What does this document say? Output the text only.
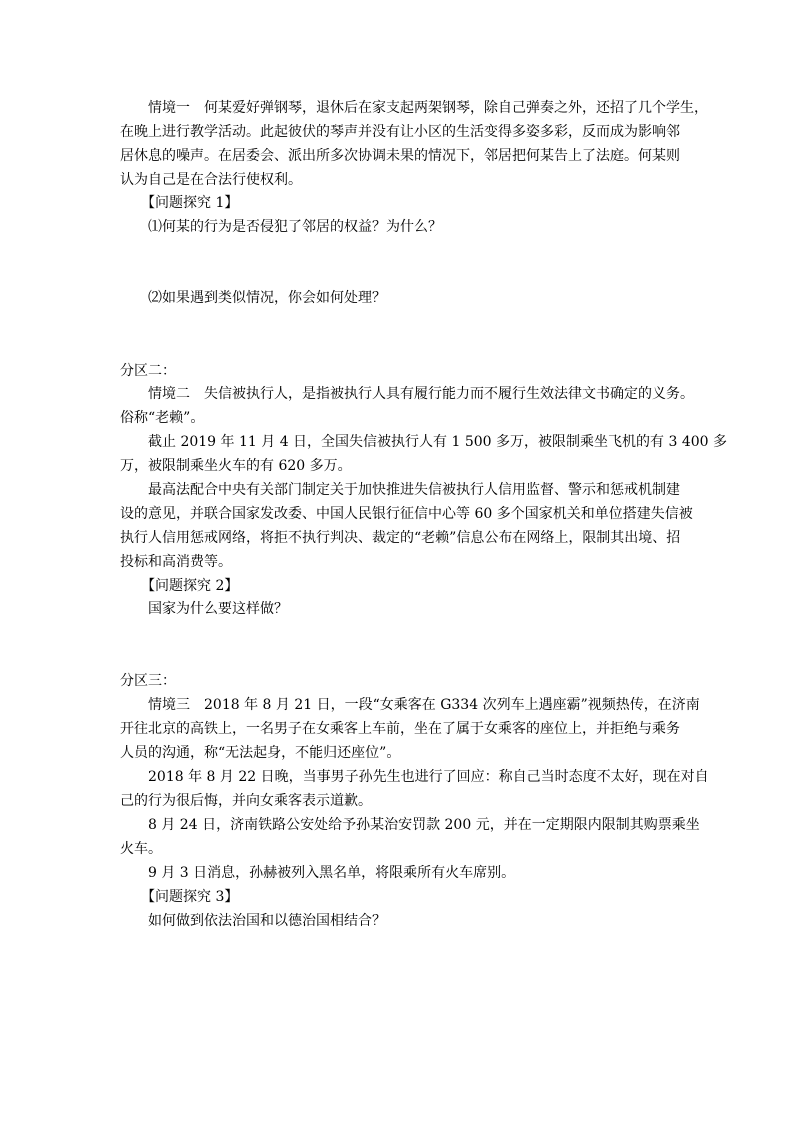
情境一　何某爱好弹钢琴，退休后在家支起两架钢琴，除自己弹奏之外，还招了几个学生，
在晚上进行教学活动。此起彼伏的琴声并没有让小区的生活变得多姿多彩，反而成为影响邻
居休息的噪声。在居委会、派出所多次协调未果的情况下，邻居把何某告上了法庭。何某则
认为自己是在合法行使权利。
【问题探究 1】
⑴何某的行为是否侵犯了邻居的权益？为什么？
⑵如果遇到类似情况，你会如何处理？
分区二：
情境二　失信被执行人，是指被执行人具有履行能力而不履行生效法律文书确定的义务。
俗称“老赖”。
截止 2019 年 11 月 4 日，全国失信被执行人有 1 500 多万，被限制乘坐飞机的有 3 400 多
万，被限制乘坐火车的有 620 多万。
最高法配合中央有关部门制定关于加快推进失信被执行人信用监督、警示和惩戒机制建
设的意见，并联合国家发改委、中国人民银行征信中心等 60 多个国家机关和单位搭建失信被
执行人信用惩戒网络，将拒不执行判决、裁定的“老赖”信息公布在网络上，限制其出境、招
投标和高消费等。
【问题探究 2】
国家为什么要这样做？
分区三：
情境三　2018 年 8 月 21 日，一段“女乘客在 G334 次列车上遇座霸”视频热传，在济南
开往北京的高铁上，一名男子在女乘客上车前，坐在了属于女乘客的座位上，并拒绝与乘务
人员的沟通，称“无法起身，不能归还座位”。
2018 年 8 月 22 日晚，当事男子孙先生也进行了回应：称自己当时态度不太好，现在对自
己的行为很后悔，并向女乘客表示道歉。
8 月 24 日，济南铁路公安处给予孙某治安罚款 200 元，并在一定期限内限制其购票乘坐
火车。
9 月 3 日消息，孙赫被列入黑名单，将限乘所有火车席别。
【问题探究 3】
如何做到依法治国和以德治国相结合？
